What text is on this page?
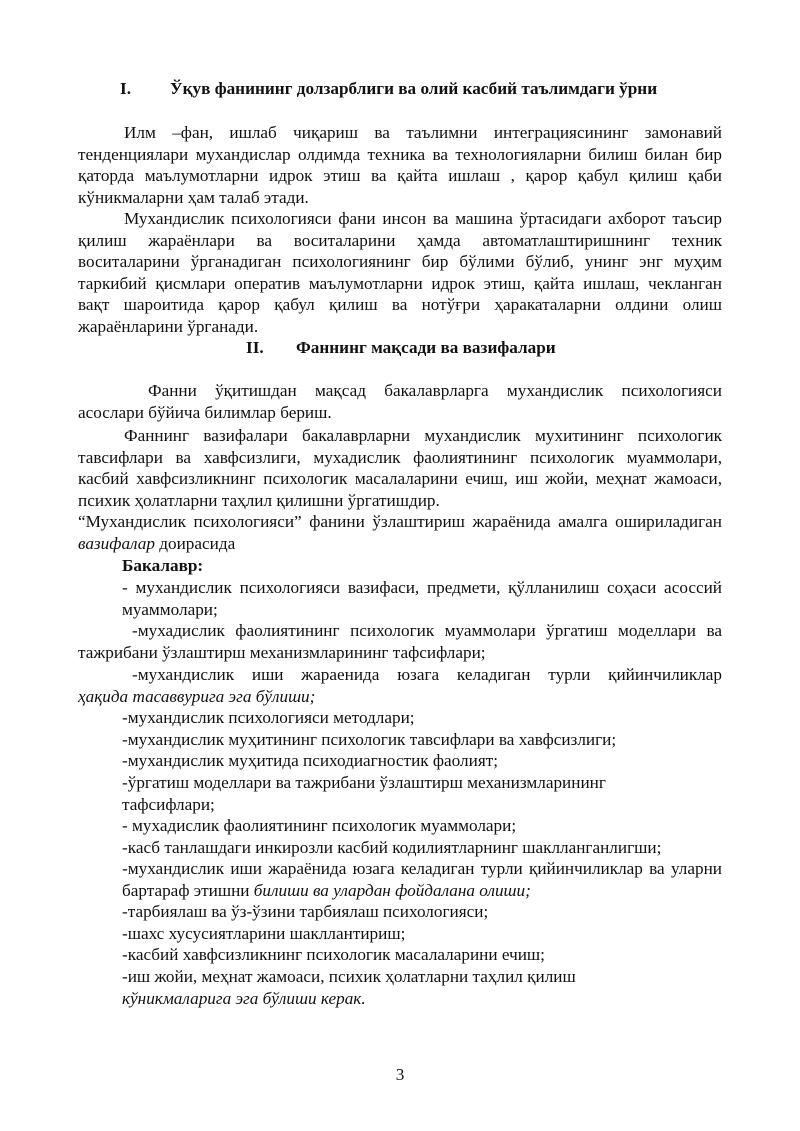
I. Ўқув фанининг долзарблиги ва олий касбий таълимдаги ўрни
Илм –фан, ишлаб чиқариш ва таълимни интеграциясининг замонавий тенденциялари мухандислар олдимда техника ва технологияларни билиш билан бир қаторда маълумотларни идрок этиш ва қайта ишлаш , қарор қабул қилиш қаби кўникмаларни ҳам талаб этади.
Мухандислик психологияси фани инсон ва машина ўртасидаги ахборот таъсир қилиш жараёнлари ва воситаларини ҳамда автоматлаштиришнинг техник воситаларини ўрганадиган психологиянинг бир бўлими бўлиб, унинг энг муҳим таркибий қисмлари оператив маълумотларни идрок этиш, қайта ишлаш, чекланган вақт шароитида қарор қабул қилиш ва нотўғри ҳаракаталарни олдини олиш жараёнларини ўрганади.
II. Фаннинг мақсади ва вазифалари
Фанни ўқитишдан мақсад бакалаврларга мухандислик психологияси асослари бўйича билимлар бериш.
Фаннинг вазифалари бакалаврларни мухандислик мухитининг психологик тавсифлари ва хавфсизлиги, мухадислик фаолиятининг психологик муаммолари, касбий хавфсизликнинг психологик масалаларини ечиш, иш жойи, меҳнат жамоаси, психик ҳолатларни таҳлил қилишни ўргатишдир.
“Мухандислик психологияси” фанини ўзлаштириш жараёнида амалга ошириладиган вазифалар доирасида
Бакалавр:
- мухандислик психологияси вазифаси, предмети, қўлланилиш соҳаси асоссий муаммолари;
-мухадислик фаолиятининг психологик муаммолари ўргатиш моделлари ва тажрибани ўзлаштирш механизмларининг тафсифлари;
-мухандислик иши жараенида юзага келадиган турли қийинчиликлар
ҳақида тасаввурига эга бўлиши;
-мухандислик психологияси методлари;
-мухандислик муҳитининг психологик тавсифлари ва хавфсизлиги;
-мухандислик муҳитида психодиагностик фаолият;
-ўргатиш моделлари ва тажрибани ўзлаштирш механизмларининг тафсифлари;
- мухадислик фаолиятининг психологик муаммолари;
-касб танлашдаги инкирозли касбий кодилиятларнинг шаклланганлигши;
-мухандислик иши жараёнида юзага келадиган турли қийинчиликлар ва уларни бартараф этишни билиши ва улардан фойдалана олиши;
-тарбиялаш ва ўз-ўзини тарбиялаш психологияси;
-шахс хусусиятларини шакллантириш;
-касбий хавфсизликнинг психологик масалаларини ечиш;
-иш жойи, меҳнат жамоаси, психик ҳолатларни таҳлил қилиш
кўникмаларига эга бўлиши керак.
3
